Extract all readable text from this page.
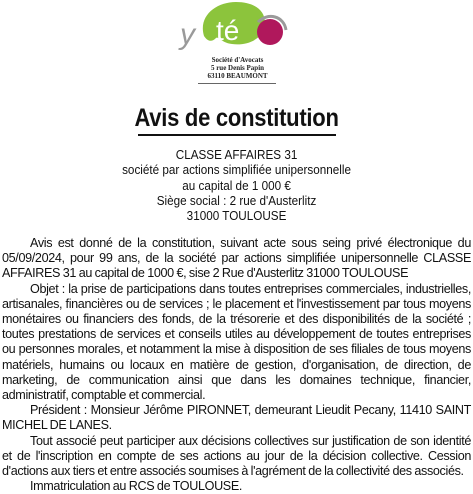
y té
Société d'Avocats
5 rue Denis Papin
63110 BEAUMONT
Avis de constitution
CLASSE AFFAIRES 31
société par actions simplifiée unipersonnelle
au capital de 1 000 €
Siège social : 2 rue d'Austerlitz
31000 TOULOUSE

Avis est donné de la constitution, suivant acte sous seing privé électronique du 05/09/2024, pour 99 ans, de la société par actions simplifiée unipersonnelle CLASSE AFFAIRES 31 au capital de 1000 €, sise 2 Rue d'Austerlitz 31000 TOULOUSE

Objet : la prise de participations dans toutes entreprises commerciales, industrielles, artisanales, financières ou de services ; le placement et l'investissement par tous moyens monétaires ou financiers des fonds, de la trésorerie et des disponibilités de la société ; toutes prestations de services et conseils utiles au développement de toutes entreprises ou personnes morales, et notamment la mise à disposition de ses filiales de tous moyens matériels, humains ou locaux en matière de gestion, d'organisation, de direction, de marketing, de communication ainsi que dans les domaines technique, financier, administratif, comptable et commercial.

Président : Monsieur Jérôme PIRONNET, demeurant Lieudit Pecany, 11410 SAINT MICHEL DE LANES.

Tout associé peut participer aux décisions collectives sur justification de son identité et de l'inscription en compte de ses actions au jour de la décision collective. Cession d'actions aux tiers et entre associés soumises à l'agrément de la collectivité des associés.

Immatriculation au RCS de TOULOUSE.
